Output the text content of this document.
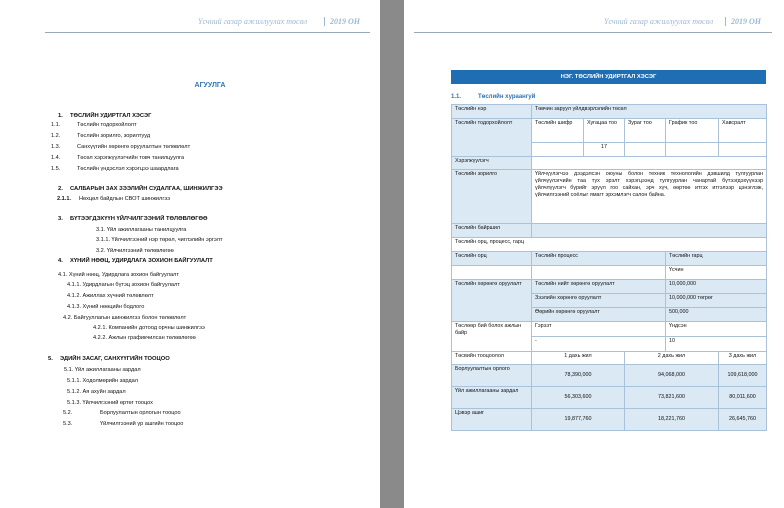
Үсчний газар ажиллуулах төсөл	2019 ОН
АГУУЛГА
1. ТӨСЛИЙН УДИРТГАЛ ХЭСЭГ
1.1.	Төслийн тодорхойлолт
1.2.	Төслийн зорилго, зорилтууд
1.3.	Санхүүгийн хөрөнгө оруулалтын төлөвлөлт
1.4.	Төсөл хэрэгжүүлэгчийн товч танилцуулга
1.5.	Төслийн үндэслэл хэрэгцээ шаардлага
2. САЛБАРЫН ЗАХ ЗЭЭЛИЙН СУДАЛГАА, ШИНЖИЛГЭЭ
2.1.1. Нөхцөл байдлын СВОТ шинжилгээ
3. БҮТЭЭГДЭХҮҮН ҮЙЛЧИЛГЭЭНИЙ ТӨЛӨВЛӨГӨӨ
3.1. Үйл ажиллагааны танилцуулга
3.1.1. Үйлчилгээний нэр төрөл, чиглэлийн эргэлт
3.2. Үйлчилгээний төлөвлөгөө
4. ХҮНИЙ НӨӨЦ, УДИРДЛАГА ЗОХИОН БАЙГУУЛАЛТ
4.1. Хүний нөөц, Удирдлага зохион байгуулалт
4.1.1. Удирдлагын бүтэц зохион байгуулалт
4.1.2. Ажиллах хүчний төлөвлөлт
4.1.3. Хүний нөөцийн бодлого
4.2. Байгууллагын шинжилгээ болон төлөвлөлт
4.2.1. Компанийн дотоод орчны шинжилгээ
4.2.2. Ажлын графикчилсан төлөвлөгөө
5. ЭДИЙН ЗАСАГ, САНХҮҮГИЙН ТООЦОО
5.1. Үйл ажиллагааны зардал
5.1.1. Ходолмөрийн зардал
5.1.2. Ая ахуйн зардал
5.1.3. Үйлчилгээний өртөг тооцох
5.2.	Борлуулалтын орлогын тооцоо
5.3.	Үйлчилгээний үр ашгийн тооцоо
Үсчний газар ажиллуулах төсөл	2019 ОН
НЭГ. ТӨСЛИЙН УДИРТГАЛ ХЭСЭГ
1.1.	Төслийн хураангуй
Төслийн нэр	Төвчин заруул үйлдвэрлэлийн төсөл				
Төслийн тодорхойлолт	Төслийн шифр	Хугацаа тоо	Зураг тоо	График тоо	Хавсралт
		17			
Хэрэгжүүлэгч					
Төслийн зорилго	Үйлчүүлэгчээ дээдэлсэн оюуны болон техник технологийн дэвшилд тулгуурлан үйлчүүлэгчийн таа тух эрэлт хэрэгцээнд тулгуурлан чанартай бүтээгдэхүүнээр үйлчлүүлэгч бүрийг эрүүл гоо сайхан, эрч хүч, өөртөө итгэх итгэлээр цэнэглэж, үйлчилгээний соёлыг ямагт эрхэмлэгч салон байна.				
Төслийн байршил					
Төслийн орц, процесс, гарц					
Төслийн орц	Төслийн процесс			Төслийн гарц	
				Үсчин	
Төслийн хөрөнгө оруулалт	Төслийн нийт хөрөнгө оруулалт			10,000,000	
	Зээлийн хөрөнгө оруулалт			10,000,000 төгрөг	
	Өөрийн хөрөнгө оруулалт			500,000	
Төслөөр бий болох ажлын байр	Гэрээт			Үндсэн	
	-			10	
Төсвийн тооцоолол	1 дахь жил		2 дахь жил		3 дахь жил
Борлуулалтын орлого	78,390,000		94,068,000		109,618,000
Үйл ажиллагааны зардал	56,303,600		73,821,600		80,011,600
Цэвэр ашиг	19,877,760		18,221,760		26,645,760
